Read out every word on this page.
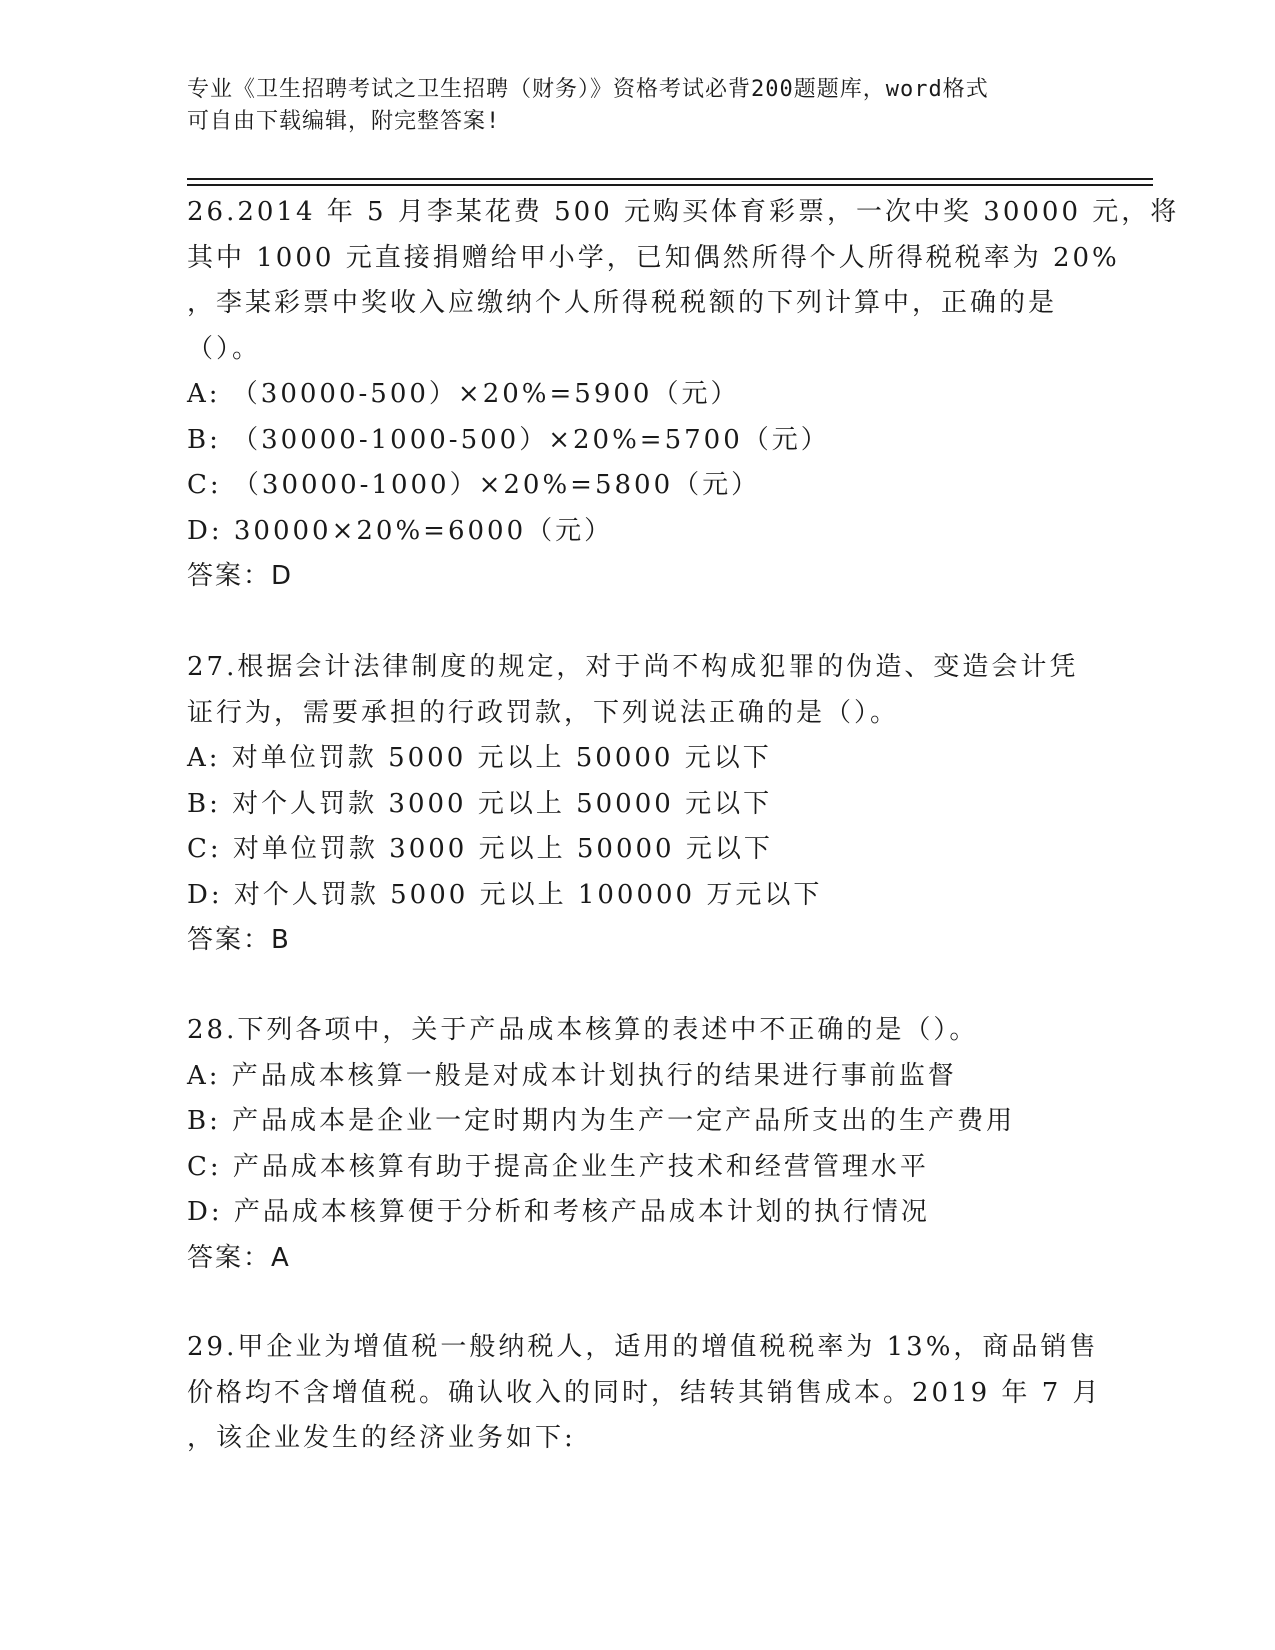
专业《卫生招聘考试之卫生招聘（财务）》资格考试必背200题题库，word格式
可自由下载编辑，附完整答案!
26.2014 年 5 月李某花费 500 元购买体育彩票，一次中奖 30000 元，将
其中 1000 元直接捐赠给甲小学，已知偶然所得个人所得税税率为 20%
，李某彩票中奖收入应缴纳个人所得税税额的下列计算中，正确的是
（）。
A: （30000-500）×20%=5900（元）
B: （30000-1000-500）×20%=5700（元）
C: （30000-1000）×20%=5800（元）
D: 30000×20%=6000（元）
答案：D
27.根据会计法律制度的规定，对于尚不构成犯罪的伪造、变造会计凭
证行为，需要承担的行政罚款，下列说法正确的是（）。
A: 对单位罚款 5000 元以上 50000 元以下
B: 对个人罚款 3000 元以上 50000 元以下
C: 对单位罚款 3000 元以上 50000 元以下
D: 对个人罚款 5000 元以上 100000 万元以下
答案：B
28.下列各项中，关于产品成本核算的表述中不正确的是（）。
A: 产品成本核算一般是对成本计划执行的结果进行事前监督
B: 产品成本是企业一定时期内为生产一定产品所支出的生产费用
C: 产品成本核算有助于提高企业生产技术和经营管理水平
D: 产品成本核算便于分析和考核产品成本计划的执行情况
答案：A
29.甲企业为增值税一般纳税人，适用的增值税税率为 13%，商品销售
价格均不含增值税。确认收入的同时，结转其销售成本。2019 年 7 月
，该企业发生的经济业务如下:
